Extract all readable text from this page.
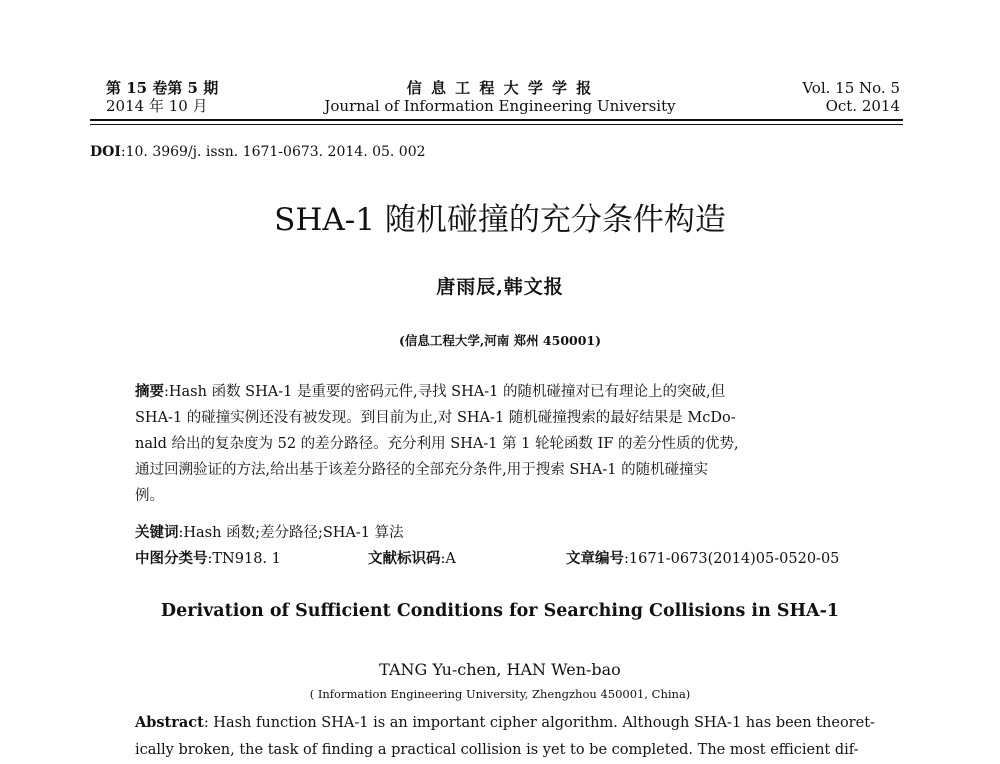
第 15 卷第 5 期
2014 年 10 月
信 息 工 程 大 学 学 报
Journal of Information Engineering University
Vol. 15 No. 5
Oct. 2014
DOI:10. 3969/j. issn. 1671-0673. 2014. 05. 002
SHA-1 随机碰撞的充分条件构造
唐雨辰,韩文报
(信息工程大学,河南 郑州 450001)
摘要:Hash 函数 SHA-1 是重要的密码元件,寻找 SHA-1 的随机碰撞对已有理论上的突破,但
SHA-1 的碰撞实例还没有被发现。到目前为止,对 SHA-1 随机碰撞搜索的最好结果是 McDo-
nald 给出的复杂度为 52 的差分路径。充分利用 SHA-1 第 1 轮轮函数 IF 的差分性质的优势,
通过回溯验证的方法,给出基于该差分路径的全部充分条件,用于搜索 SHA-1 的随机碰撞实
例。
关键词:Hash 函数;差分路径;SHA-1 算法
中图分类号:TN918. 1	文献标识码:A	文章编号:1671-0673(2014)05-0520-05
Derivation of Sufficient Conditions for Searching Collisions in SHA-1
TANG Yu-chen, HAN Wen-bao
( Information Engineering University, Zhengzhou 450001, China)
Abstract: Hash function SHA-1 is an important cipher algorithm. Although SHA-1 has been theoret-
ically broken, the task of finding a practical collision is yet to be completed. The most efficient dif-
